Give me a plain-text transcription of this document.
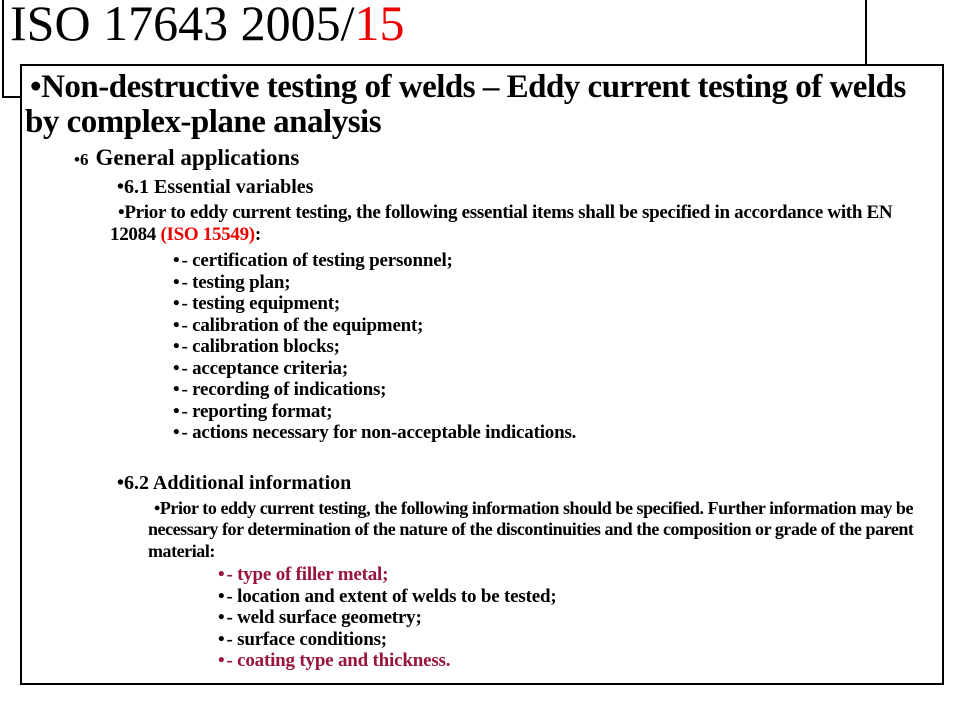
ISO 17643 2005/15
•Non-destructive testing of welds – Eddy current testing of welds by complex-plane analysis
•6 General applications
•6.1 Essential variables
•Prior to eddy current testing, the following essential items shall be specified in accordance with EN 12084 (ISO 15549):
• - certification of testing personnel;
• - testing plan;
• - testing equipment;
• - calibration of the equipment;
• - calibration blocks;
• - acceptance criteria;
• - recording of indications;
• - reporting format;
• - actions necessary for non-acceptable indications.
•6.2 Additional information
•Prior to eddy current testing, the following information should be specified. Further information may be necessary for determination of the nature of the discontinuities and the composition or grade of the parent material:
• - type of filler metal;
• - location and extent of welds to be tested;
• - weld surface geometry;
• - surface conditions;
• - coating type and thickness.
